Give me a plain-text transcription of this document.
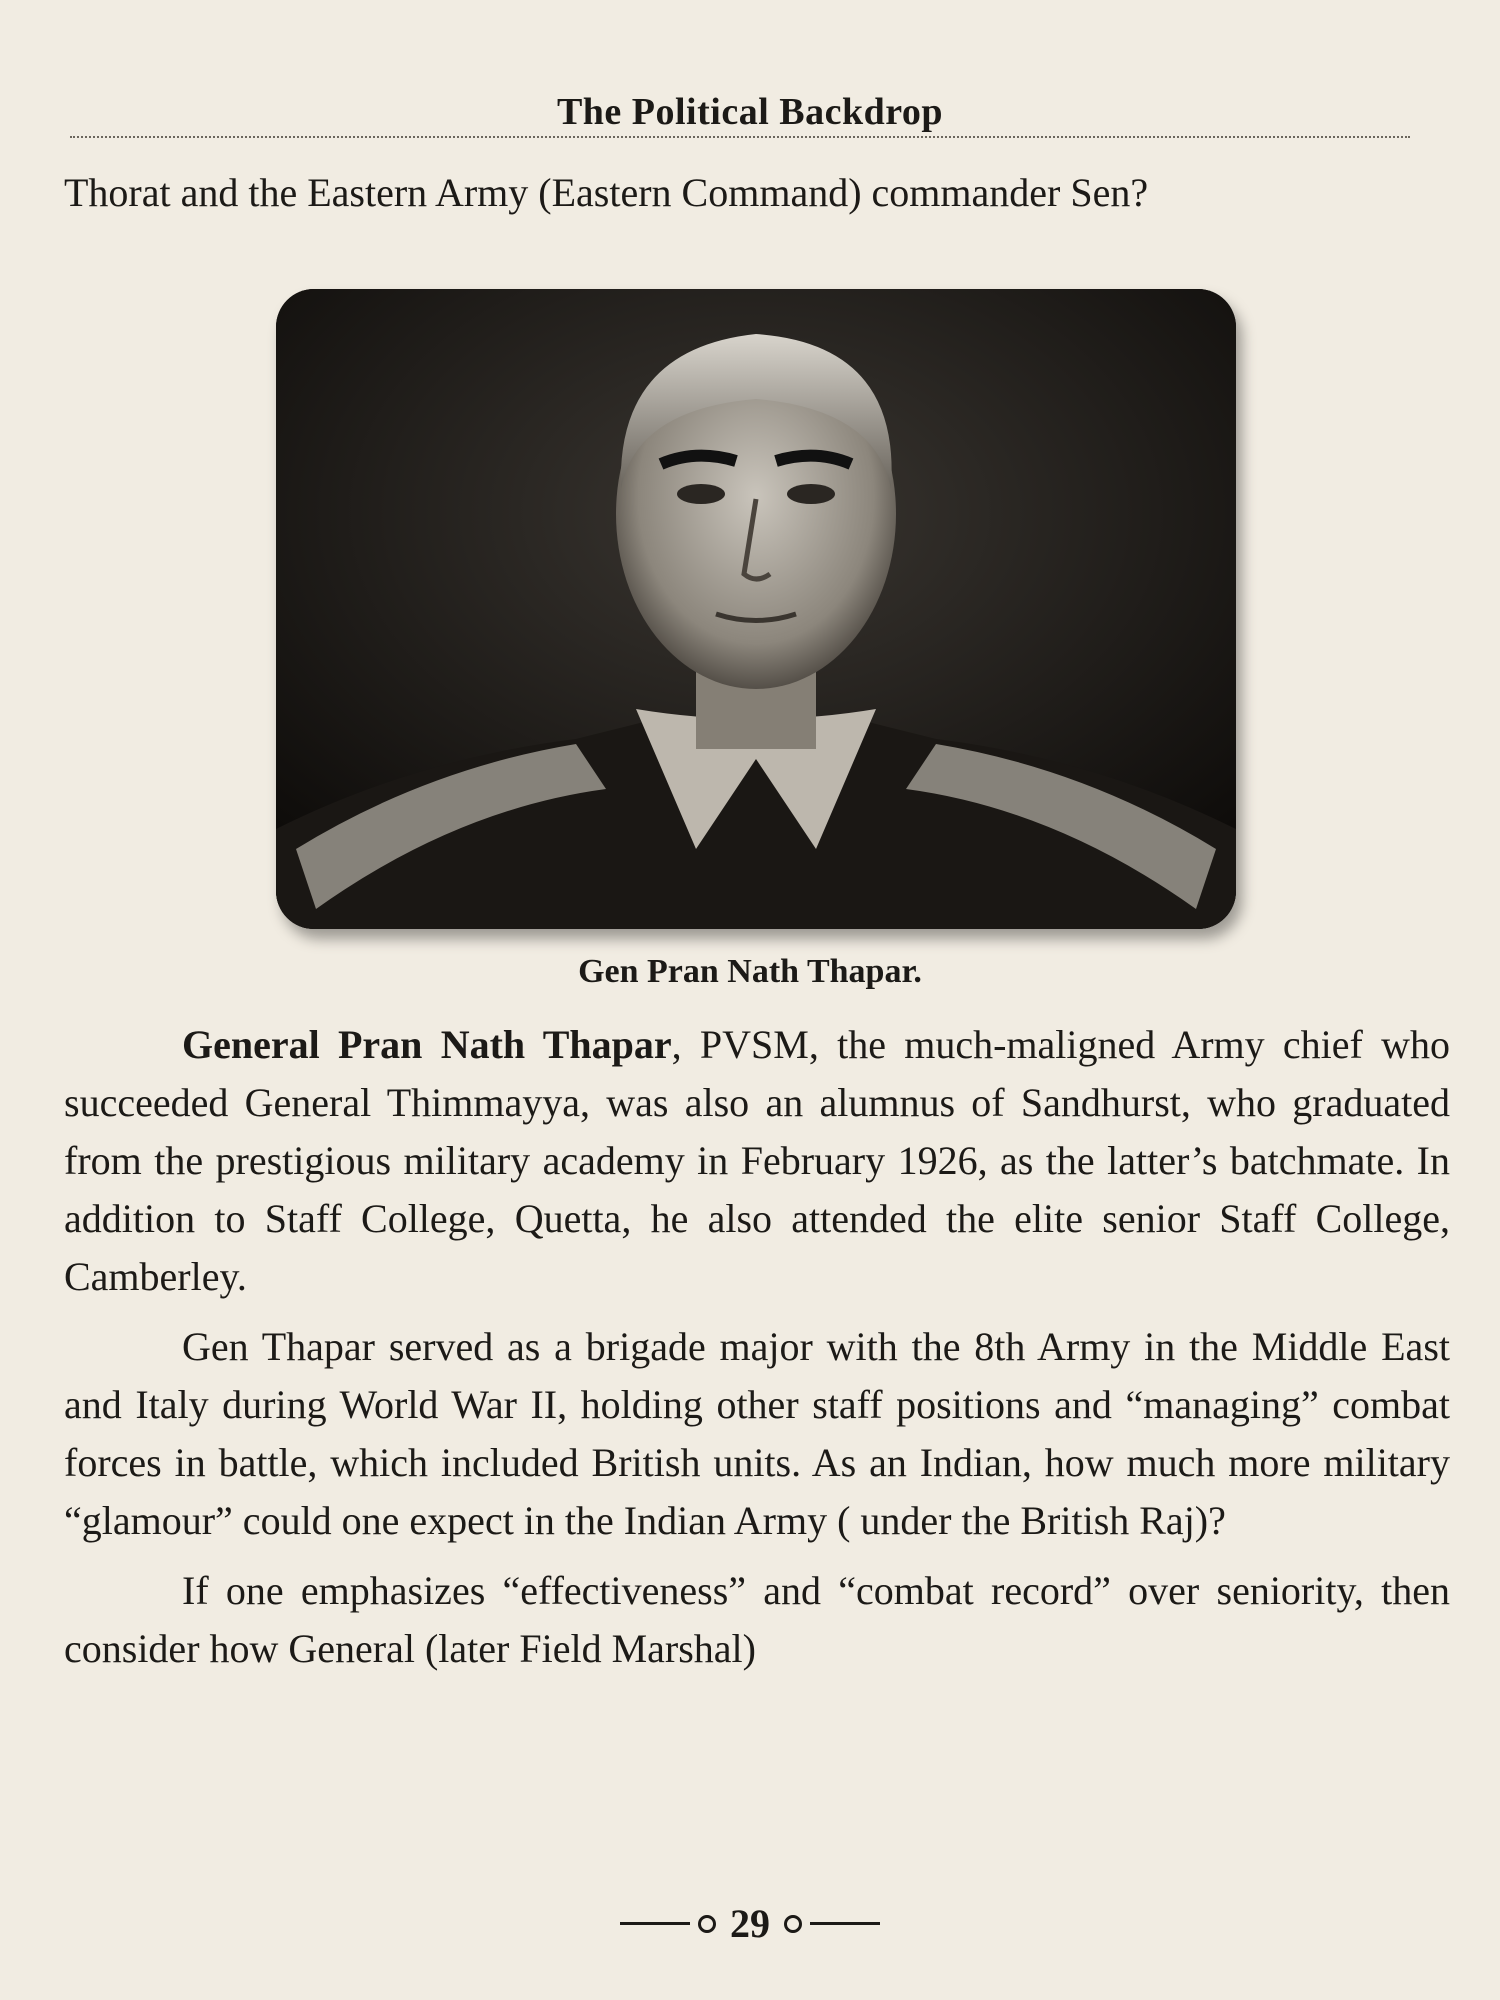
The Political Backdrop
Thorat and the Eastern Army (Eastern Command) commander Sen?
Gen Pran Nath Thapar.

General Pran Nath Thapar, PVSM, the much-maligned Army chief who succeeded General Thimmayya, was also an alumnus of Sandhurst, who graduated from the prestigious military academy in February 1926, as the latter’s batchmate. In addition to Staff College, Quetta, he also attended the elite senior Staff College, Camberley.

Gen Thapar served as a brigade major with the 8th Army in the Middle East and Italy during World War II, holding other staff positions and “managing” combat forces in battle, which included British units. As an Indian, how much more military “glamour” could one expect in the Indian Army ( under the British Raj)?

If one emphasizes “effectiveness” and “combat record” over seniority, then consider how General (later Field Marshal)

29
